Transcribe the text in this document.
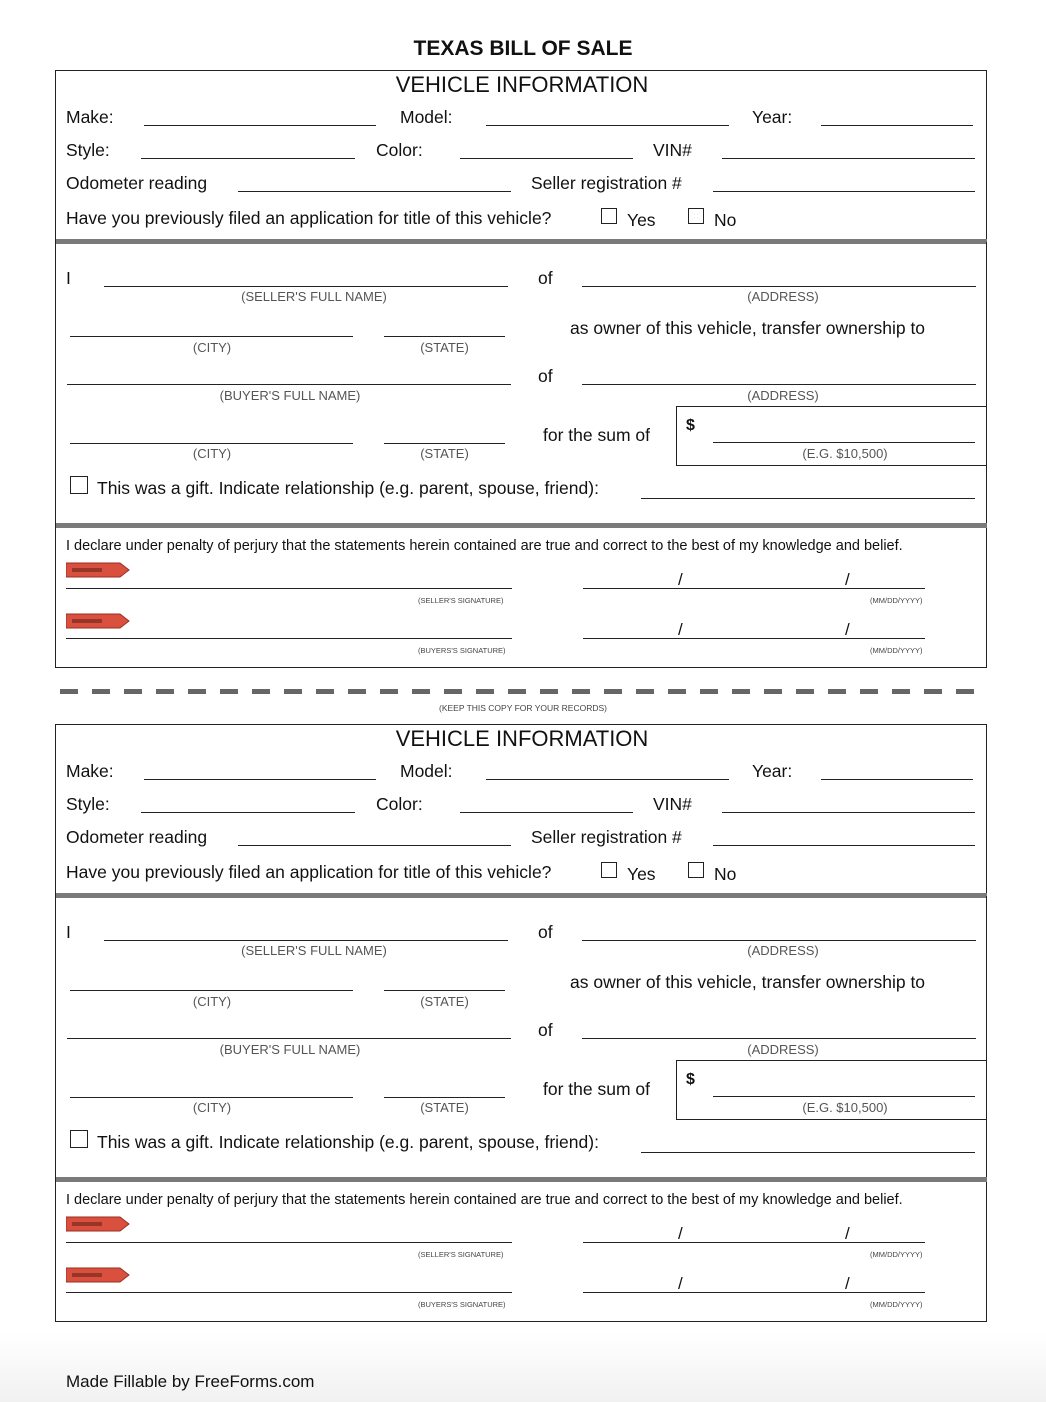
TEXAS BILL OF SALE
VEHICLE INFORMATION
Make:	Model:	Year:
Style:	Color:	VIN#
Odometer reading	Seller registration #
Have you previously filed an application for title of this vehicle?	Yes	No
I
(SELLER'S FULL NAME)
of
(ADDRESS)
(CITY)	(STATE)
as owner of this vehicle, transfer ownership to
(BUYER'S FULL NAME)
of
(ADDRESS)
(CITY)	(STATE)
for the sum of $
(E.G. $10,500)
This was a gift. Indicate relationship (e.g. parent, spouse, friend):
I declare under penalty of perjury that the statements herein contained are true and correct to the best of my knowledge and belief.
(SELLER'S SIGNATURE)
/	/
(MM/DD/YYYY)
(BUYERS'S SIGNATURE)
/	/
(MM/DD/YYYY)
(KEEP THIS COPY FOR YOUR RECORDS)
VEHICLE INFORMATION
Make:	Model:	Year:
Style:	Color:	VIN#
Odometer reading	Seller registration #
Have you previously filed an application for title of this vehicle?	Yes	No
I
(SELLER'S FULL NAME)
of
(ADDRESS)
(CITY)	(STATE)
as owner of this vehicle, transfer ownership to
(BUYER'S FULL NAME)
of
(ADDRESS)
(CITY)	(STATE)
for the sum of $
(E.G. $10,500)
This was a gift. Indicate relationship (e.g. parent, spouse, friend):
I declare under penalty of perjury that the statements herein contained are true and correct to the best of my knowledge and belief.
(SELLER'S SIGNATURE)
/	/
(MM/DD/YYYY)
(BUYERS'S SIGNATURE)
/	/
(MM/DD/YYYY)
Made Fillable by FreeForms.com
